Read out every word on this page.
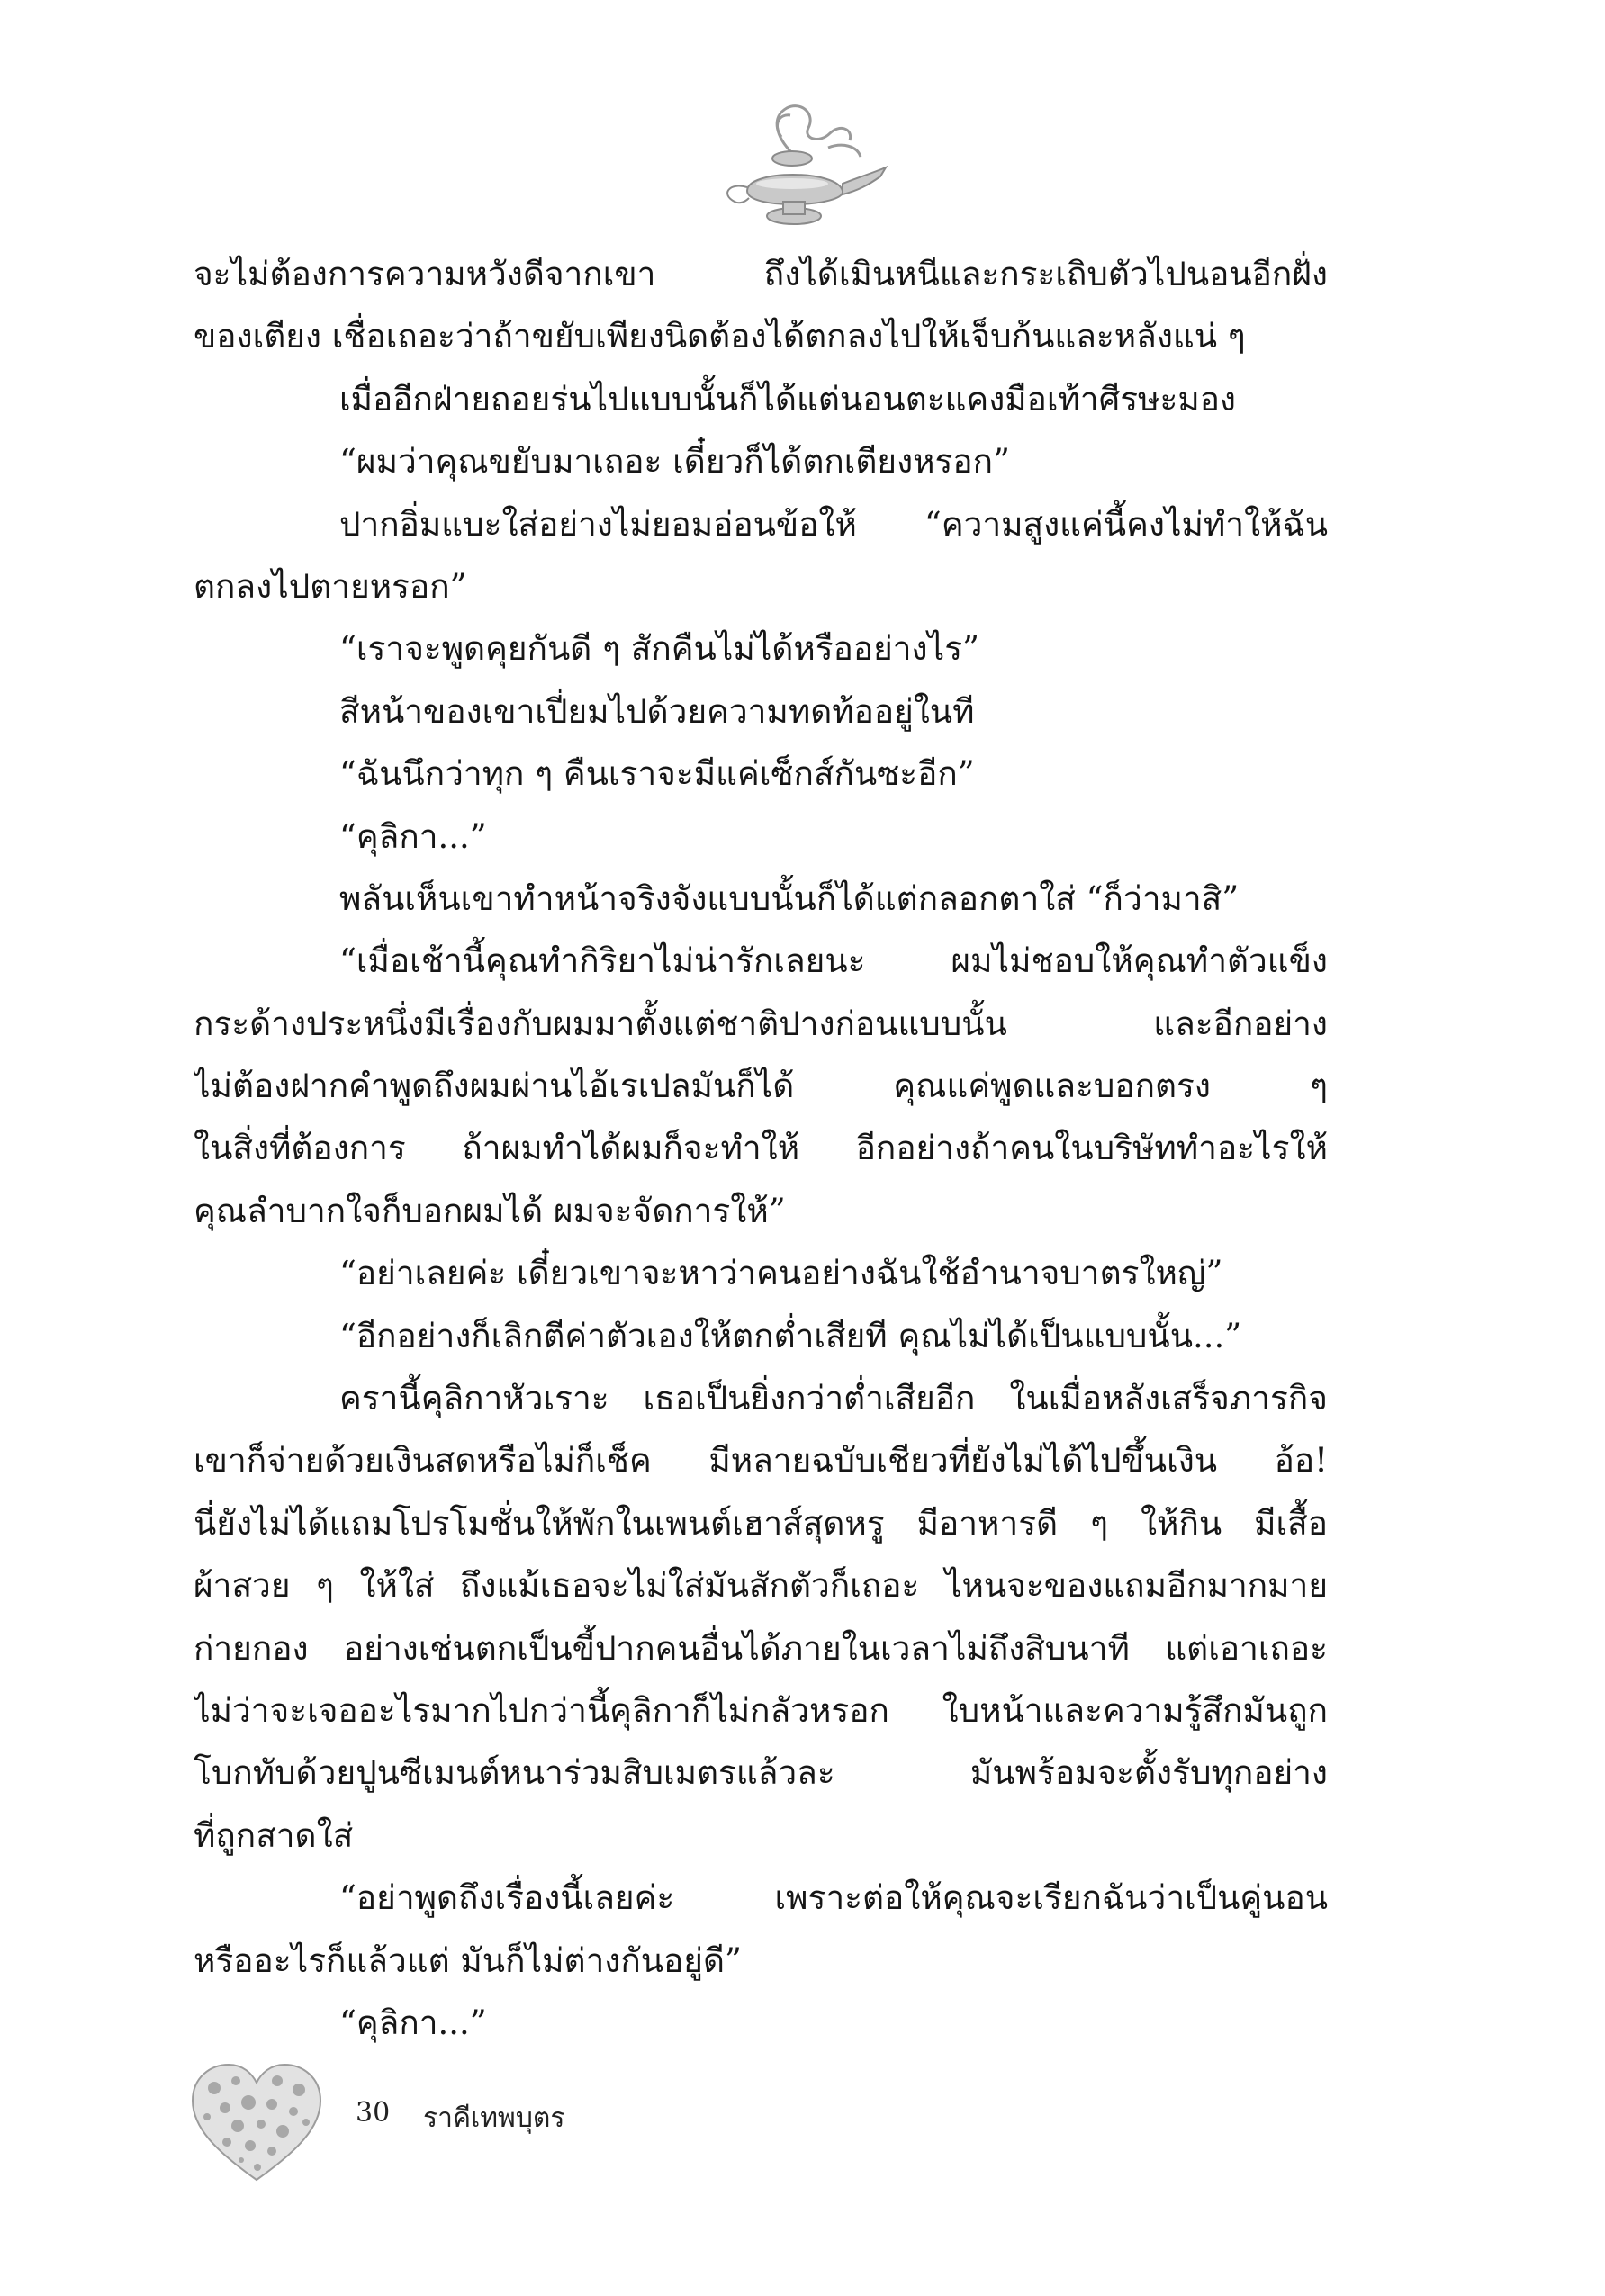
จะไม่ต้องการความหวังดีจากเขา ถึงได้เมินหนีและกระเถิบตัวไปนอนอีกฝั่ง
ของเตียง เชื่อเถอะว่าถ้าขยับเพียงนิดต้องได้ตกลงไปให้เจ็บก้นและหลังแน่ ๆ
เมื่ออีกฝ่ายถอยร่นไปแบบนั้นก็ได้แต่นอนตะแคงมือเท้าศีรษะมอง
“ผมว่าคุณขยับมาเถอะ เดี๋ยวก็ได้ตกเตียงหรอก”
ปากอิ่มแบะใส่อย่างไม่ยอมอ่อนข้อให้ “ความสูงแค่นี้คงไม่ทำให้ฉัน
ตกลงไปตายหรอก”
“เราจะพูดคุยกันดี ๆ สักคืนไม่ได้หรืออย่างไร”
สีหน้าของเขาเปี่ยมไปด้วยความทดท้ออยู่ในที
“ฉันนึกว่าทุก ๆ คืนเราจะมีแค่เซ็กส์กันซะอีก”
“คุลิกา...”
พลันเห็นเขาทำหน้าจริงจังแบบนั้นก็ได้แต่กลอกตาใส่ “ก็ว่ามาสิ”
“เมื่อเช้านี้คุณทำกิริยาไม่น่ารักเลยนะ ผมไม่ชอบให้คุณทำตัวแข็ง
กระด้างประหนึ่งมีเรื่องกับผมมาตั้งแต่ชาติปางก่อนแบบนั้น และอีกอย่าง
ไม่ต้องฝากคำพูดถึงผมผ่านไอ้เรเปลมันก็ได้ คุณแค่พูดและบอกตรง ๆ
ในสิ่งที่ต้องการ ถ้าผมทำได้ผมก็จะทำให้ อีกอย่างถ้าคนในบริษัททำอะไรให้
คุณลำบากใจก็บอกผมได้ ผมจะจัดการให้”
“อย่าเลยค่ะ เดี๋ยวเขาจะหาว่าคนอย่างฉันใช้อำนาจบาตรใหญ่”
“อีกอย่างก็เลิกตีค่าตัวเองให้ตกต่ำเสียที คุณไม่ได้เป็นแบบนั้น...”
ครานี้คุลิกาหัวเราะ เธอเป็นยิ่งกว่าต่ำเสียอีก ในเมื่อหลังเสร็จภารกิจ
เขาก็จ่ายด้วยเงินสดหรือไม่ก็เช็ค มีหลายฉบับเชียวที่ยังไม่ได้ไปขึ้นเงิน อ้อ!
นี่ยังไม่ได้แถมโปรโมชั่นให้พักในเพนต์เฮาส์สุดหรู มีอาหารดี ๆ ให้กิน มีเสื้อ
ผ้าสวย ๆ ให้ใส่ ถึงแม้เธอจะไม่ใส่มันสักตัวก็เถอะ ไหนจะของแถมอีกมากมาย
ก่ายกอง อย่างเช่นตกเป็นขี้ปากคนอื่นได้ภายในเวลาไม่ถึงสิบนาที แต่เอาเถอะ
ไม่ว่าจะเจออะไรมากไปกว่านี้คุลิกาก็ไม่กลัวหรอก ใบหน้าและความรู้สึกมันถูก
โบกทับด้วยปูนซีเมนต์หนาร่วมสิบเมตรแล้วละ มันพร้อมจะตั้งรับทุกอย่าง
ที่ถูกสาดใส่
“อย่าพูดถึงเรื่องนี้เลยค่ะ เพราะต่อให้คุณจะเรียกฉันว่าเป็นคู่นอน
หรืออะไรก็แล้วแต่ มันก็ไม่ต่างกันอยู่ดี”
“คุลิกา...”
30 ราคีเทพบุตร
